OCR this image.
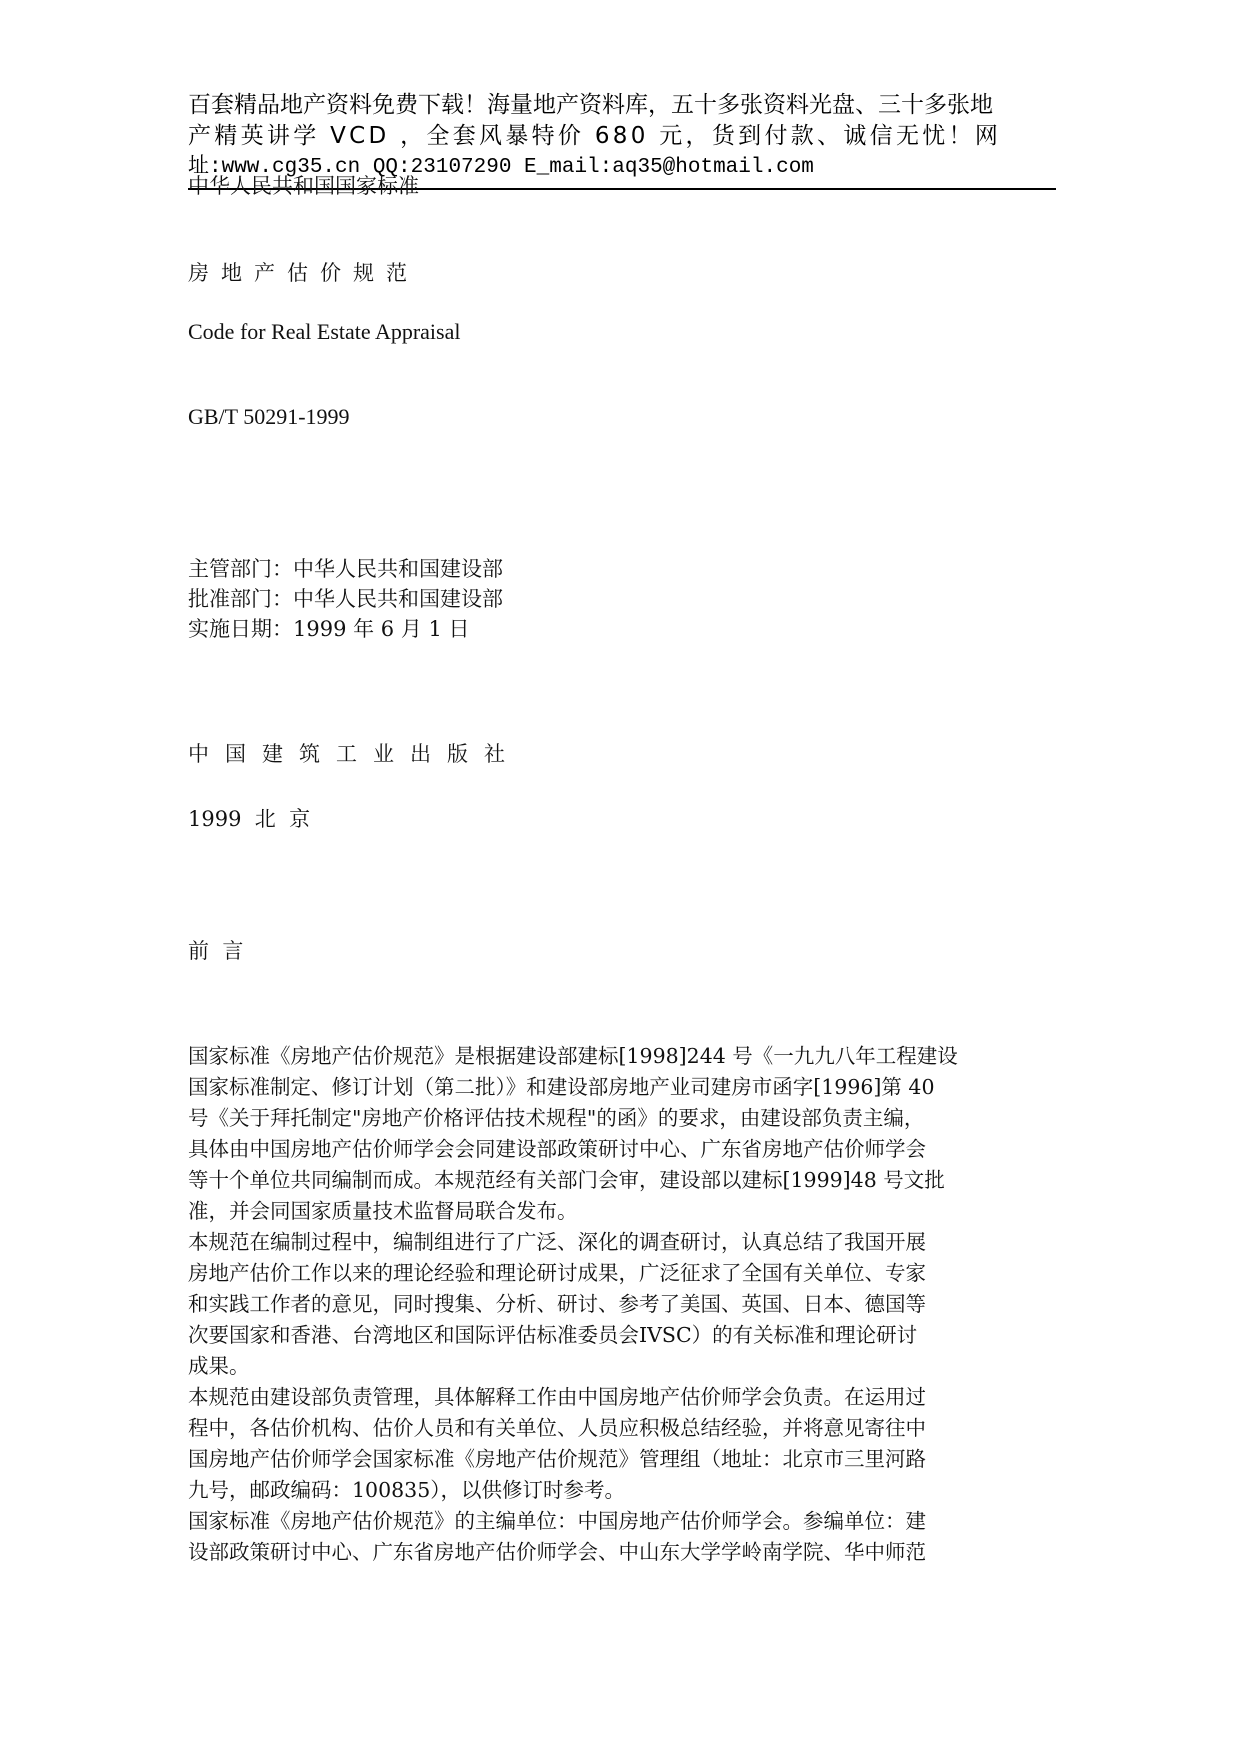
百套精品地产资料免费下载！海量地产资料库，五十多张资料光盘、三十多张地
产精英讲学 VCD ，全套风暴特价 680 元，货到付款、诚信无忧！网
址:www.cg35.cn QQ:23107290 E_mail:aq35@hotmail.com
中华人民共和国国家标准
房地产估价规范
Code for Real Estate Appraisal
GB/T 50291-1999
主管部门：中华人民共和国建设部
批准部门：中华人民共和国建设部
实施日期：1999 年 6 月 1 日
中国建筑工业出版社
1999  北  京
前  言
国家标准《房地产估价规范》是根据建设部建标[1998]244 号《一九九八年工程建设
国家标准制定、修订计划（第二批）》和建设部房地产业司建房市函字[1996]第 40
号《关于拜托制定"房地产价格评估技术规程"的函》的要求，由建设部负责主编，
具体由中国房地产估价师学会会同建设部政策研讨中心、广东省房地产估价师学会
等十个单位共同编制而成。本规范经有关部门会审，建设部以建标[1999]48 号文批
准，并会同国家质量技术监督局联合发布。
本规范在编制过程中，编制组进行了广泛、深化的调查研讨，认真总结了我国开展
房地产估价工作以来的理论经验和理论研讨成果，广泛征求了全国有关单位、专家
和实践工作者的意见，同时搜集、分析、研讨、参考了美国、英国、日本、德国等
次要国家和香港、台湾地区和国际评估标准委员会IVSC）的有关标准和理论研讨
成果。
本规范由建设部负责管理，具体解释工作由中国房地产估价师学会负责。在运用过
程中，各估价机构、估价人员和有关单位、人员应积极总结经验，并将意见寄往中
国房地产估价师学会国家标准《房地产估价规范》管理组（地址：北京市三里河路
九号，邮政编码：100835），以供修订时参考。
国家标准《房地产估价规范》的主编单位：中国房地产估价师学会。参编单位：建
设部政策研讨中心、广东省房地产估价师学会、中山东大学学岭南学院、华中师范
